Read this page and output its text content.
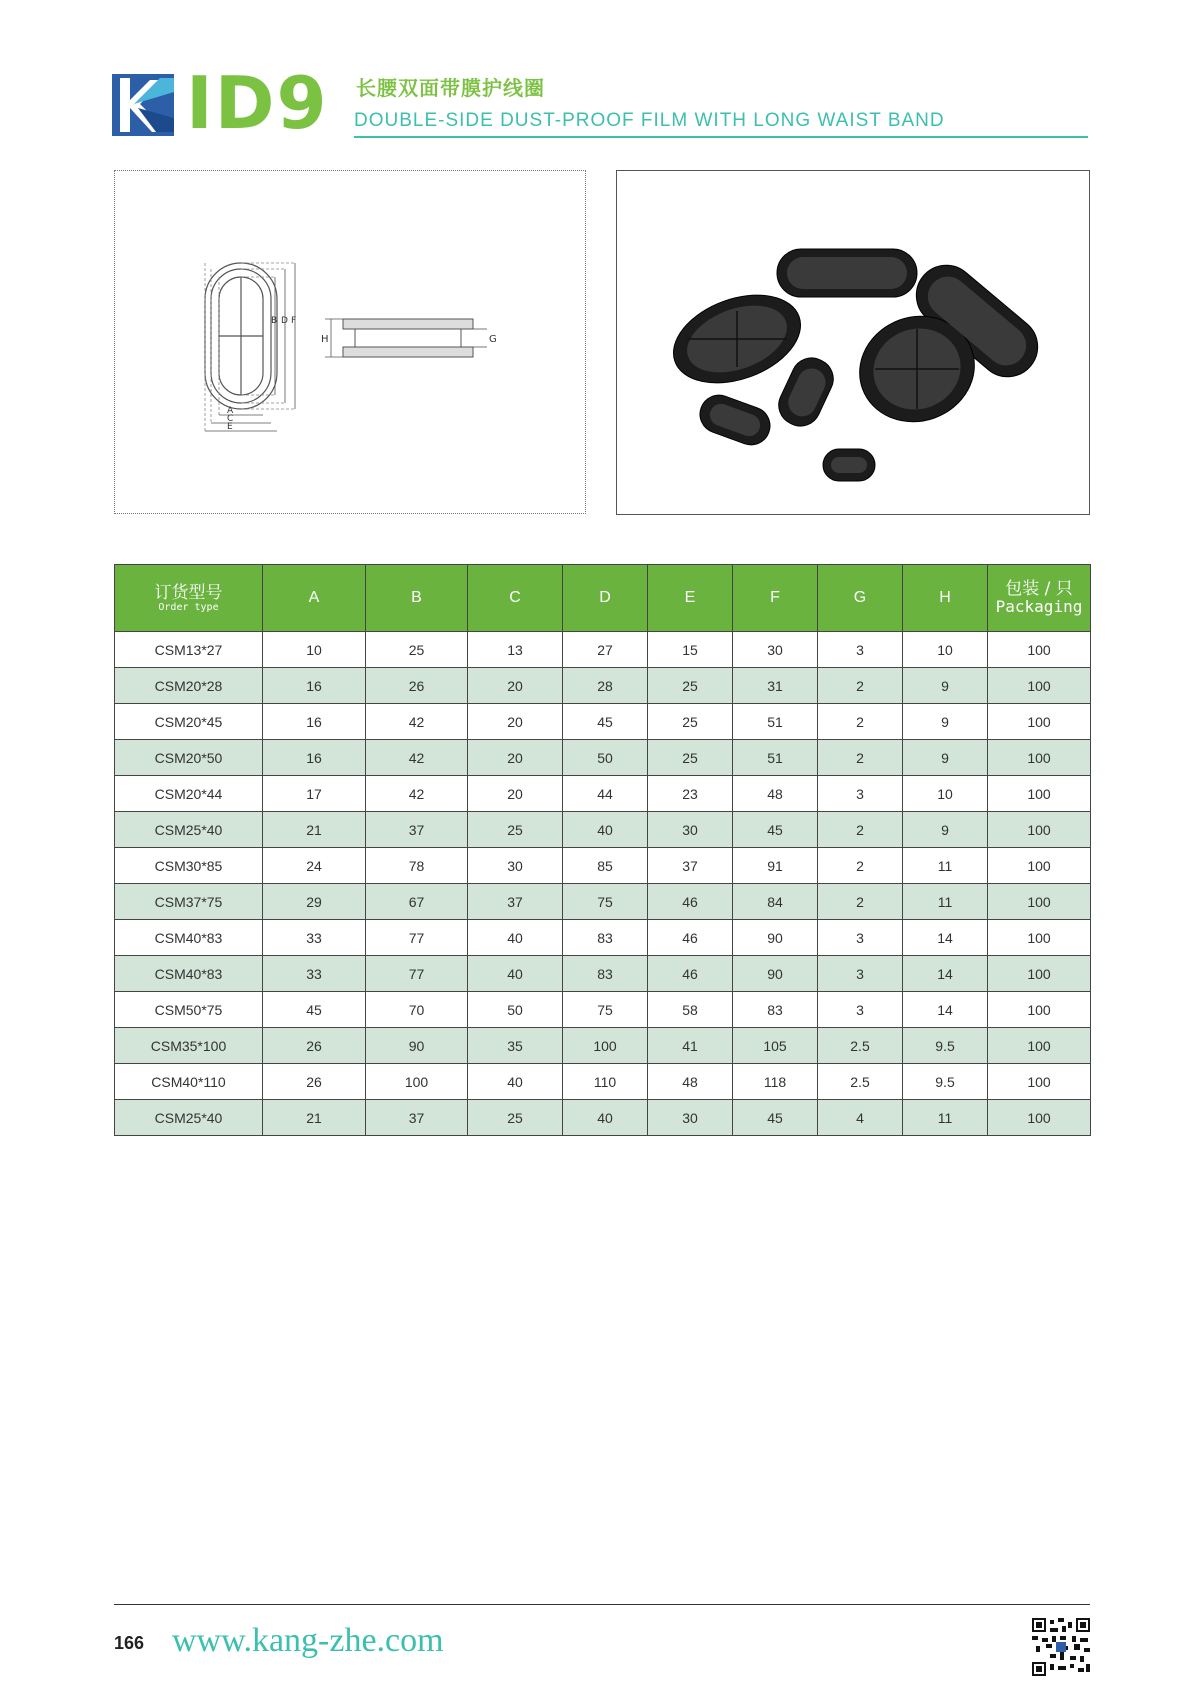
ID9 长腰双面带膜护线圈
DOUBLE-SIDE DUST-PROOF FILM WITH LONG WAIST BAND
A
C
E
B D F
H	G
订货型号
Order type	A	B	C	D	E	F	G	H	包装 / 只
Packaging

CSM13*27	10	25	13	27	15	30	3	10	100
CSM20*28	16	26	20	28	25	31	2	9	100
CSM20*45	16	42	20	45	25	51	2	9	100
CSM20*50	16	42	20	50	25	51	2	9	100
CSM20*44	17	42	20	44	23	48	3	10	100
CSM25*40	21	37	25	40	30	45	2	9	100
CSM30*85	24	78	30	85	37	91	2	11	100
CSM37*75	29	67	37	75	46	84	2	11	100
CSM40*83	33	77	40	83	46	90	3	14	100
CSM40*83	33	77	40	83	46	90	3	14	100
CSM50*75	45	70	50	75	58	83	3	14	100
CSM35*100	26	90	35	100	41	105	2.5	9.5	100
CSM40*110	26	100	40	110	48	118	2.5	9.5	100
CSM25*40	21	37	25	40	30	45	4	11	100
166 www.kang-zhe.com
